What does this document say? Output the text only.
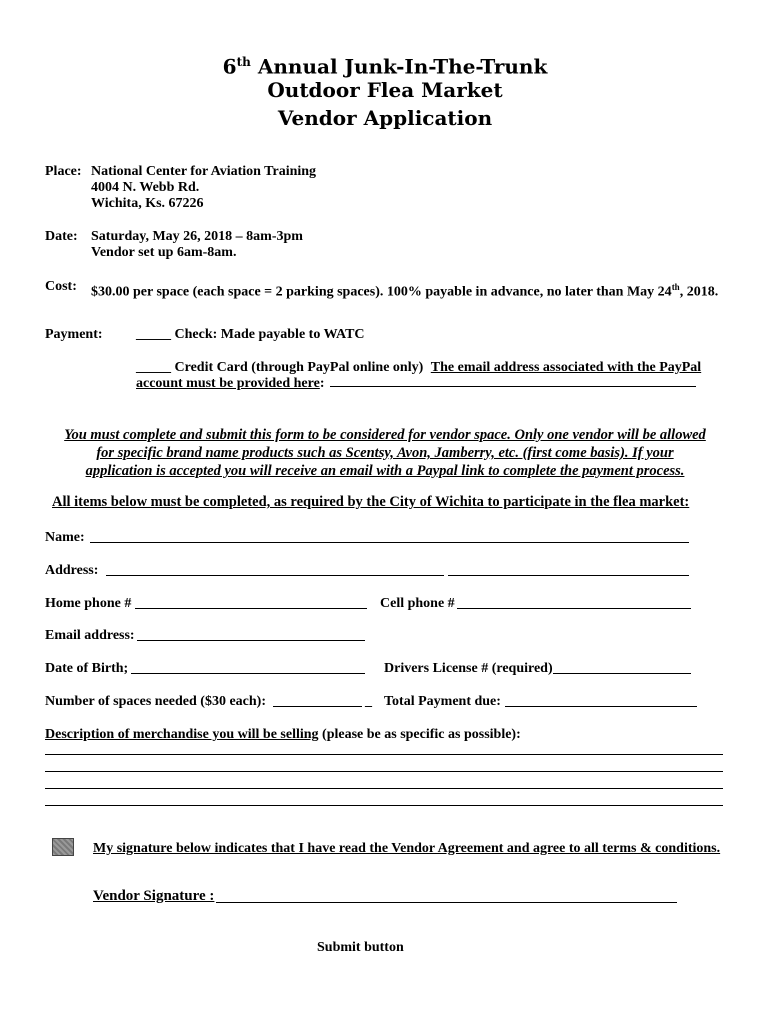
6th Annual Junk-In-The-Trunk
Outdoor Flea Market
Vendor Application
Place: National Center for Aviation Training
4004 N. Webb Rd.
Wichita, Ks. 67226
Date: Saturday, May 26, 2018 – 8am-3pm
Vendor set up 6am-8am.
Cost: $30.00 per space (each space = 2 parking spaces). 100% payable in advance, no later than May 24th, 2018.
Payment: _____ Check: Made payable to WATC
_____ Credit Card (through PayPal online only) The email address associated with the PayPal
account must be provided here:
You must complete and submit this form to be considered for vendor space. Only one vendor will be allowed
for specific brand name products such as Scentsy, Avon, Jamberry, etc. (first come basis). If your
application is accepted you will receive an email with a Paypal link to complete the payment process.
All items below must be completed, as required by the City of Wichita to participate in the flea market:
Name:
Address:
Home phone #	Cell phone #
Email address:
Date of Birth;	Drivers License # (required)
Number of spaces needed ($30 each):	_ Total Payment due:
Description of merchandise you will be selling (please be as specific as possible):
My signature below indicates that I have read the Vendor Agreement and agree to all terms & conditions.
Vendor Signature :
Submit button
